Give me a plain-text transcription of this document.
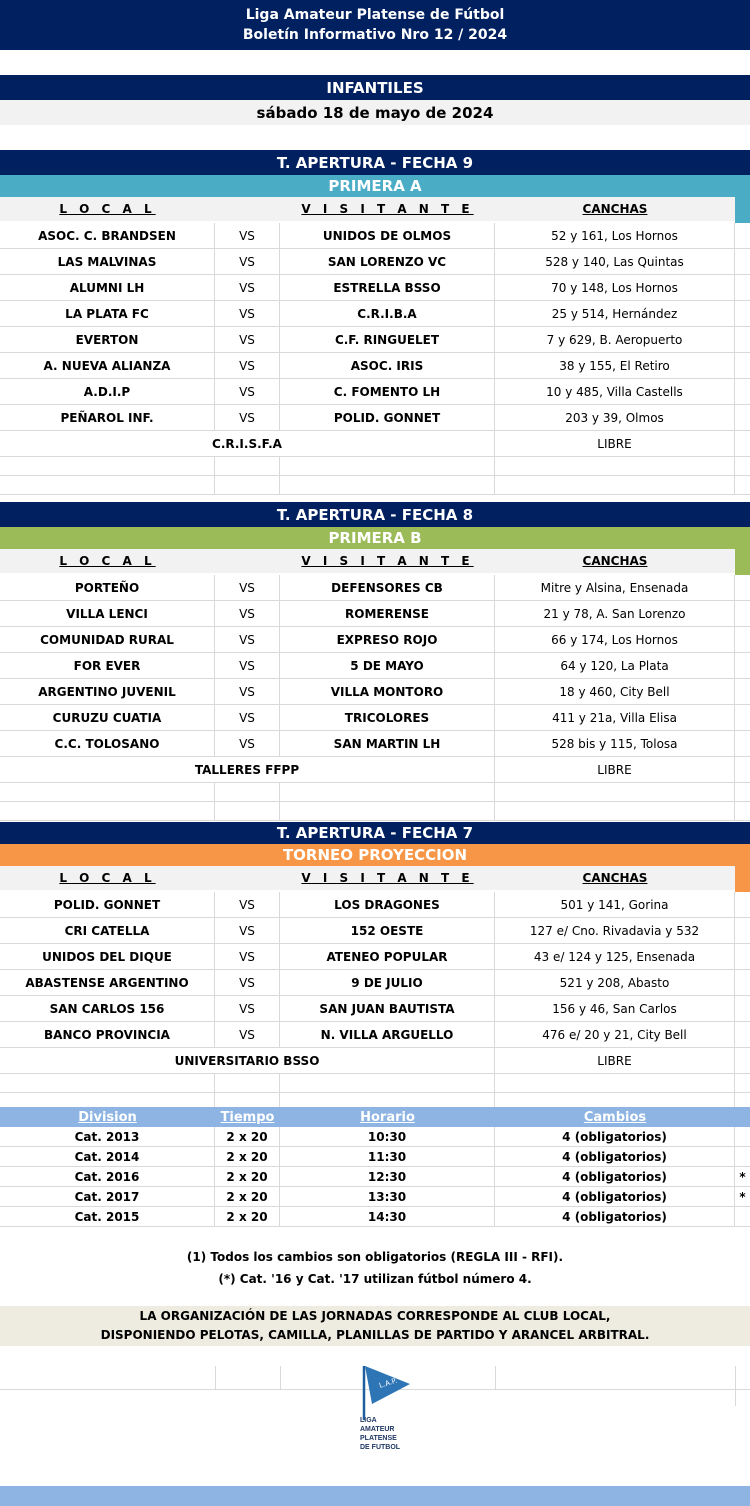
Liga Amateur Platense de Fútbol
Boletín Informativo Nro 12 / 2024
INFANTILES
sábado 18 de mayo de 2024
T. APERTURA - FECHA 9
PRIMERA A
L O C A L	V I S I T A N T E	CANCHAS
ASOC. C. BRANDSEN	VS	UNIDOS DE OLMOS	52 y 161, Los Hornos
LAS MALVINAS	VS	SAN LORENZO VC	528 y 140, Las Quintas
ALUMNI LH	VS	ESTRELLA BSSO	70 y 148, Los Hornos
LA PLATA FC	VS	C.R.I.B.A	25 y 514, Hernández
EVERTON	VS	C.F. RINGUELET	7 y 629, B. Aeropuerto
A. NUEVA ALIANZA	VS	ASOC. IRIS	38 y 155, El Retiro
A.D.I.P	VS	C. FOMENTO LH	10 y 485, Villa Castells
PEÑAROL INF.	VS	POLID. GONNET	203 y 39, Olmos
C.R.I.S.F.A	LIBRE
T. APERTURA - FECHA 8
PRIMERA B
L O C A L	V I S I T A N T E	CANCHAS
PORTEÑO	VS	DEFENSORES CB	Mitre y Alsina, Ensenada
VILLA LENCI	VS	ROMERENSE	21 y 78, A. San Lorenzo
COMUNIDAD RURAL	VS	EXPRESO ROJO	66 y 174, Los Hornos
FOR EVER	VS	5 DE MAYO	64 y 120, La Plata
ARGENTINO JUVENIL	VS	VILLA MONTORO	18 y 460, City Bell
CURUZU CUATIA	VS	TRICOLORES	411 y 21a, Villa Elisa
C.C. TOLOSANO	VS	SAN MARTIN LH	528 bis y 115, Tolosa
TALLERES FFPP	LIBRE
T. APERTURA - FECHA 7
TORNEO PROYECCION
L O C A L	V I S I T A N T E	CANCHAS
POLID. GONNET	VS	LOS DRAGONES	501 y 141, Gorina
CRI CATELLA	VS	152 OESTE	127 e/ Cno. Rivadavia y 532
UNIDOS DEL DIQUE	VS	ATENEO POPULAR	43 e/ 124 y 125, Ensenada
ABASTENSE ARGENTINO	VS	9 DE JULIO	521 y 208, Abasto
SAN CARLOS 156	VS	SAN JUAN BAUTISTA	156 y 46, San Carlos
BANCO PROVINCIA	VS	N. VILLA ARGUELLO	476 e/ 20 y 21, City Bell
UNIVERSITARIO BSSO	LIBRE
Division	Tiempo	Horario	Cambios
Cat. 2013	2 x 20	10:30	4 (obligatorios)
Cat. 2014	2 x 20	11:30	4 (obligatorios)
Cat. 2016	2 x 20	12:30	4 (obligatorios)	*
Cat. 2017	2 x 20	13:30	4 (obligatorios)	*
Cat. 2015	2 x 20	14:30	4 (obligatorios)
(1) Todos los cambios son obligatorios (REGLA III - RFI).
(*) Cat. '16 y Cat. '17 utilizan fútbol número 4.
LA ORGANIZACIÓN DE LAS JORNADAS CORRESPONDE AL CLUB LOCAL,
DISPONIENDO PELOTAS, CAMILLA, PLANILLAS DE PARTIDO Y ARANCEL ARBITRAL.
L.A.P.
LIGA
AMATEUR
PLATENSE
DE FUTBOL
